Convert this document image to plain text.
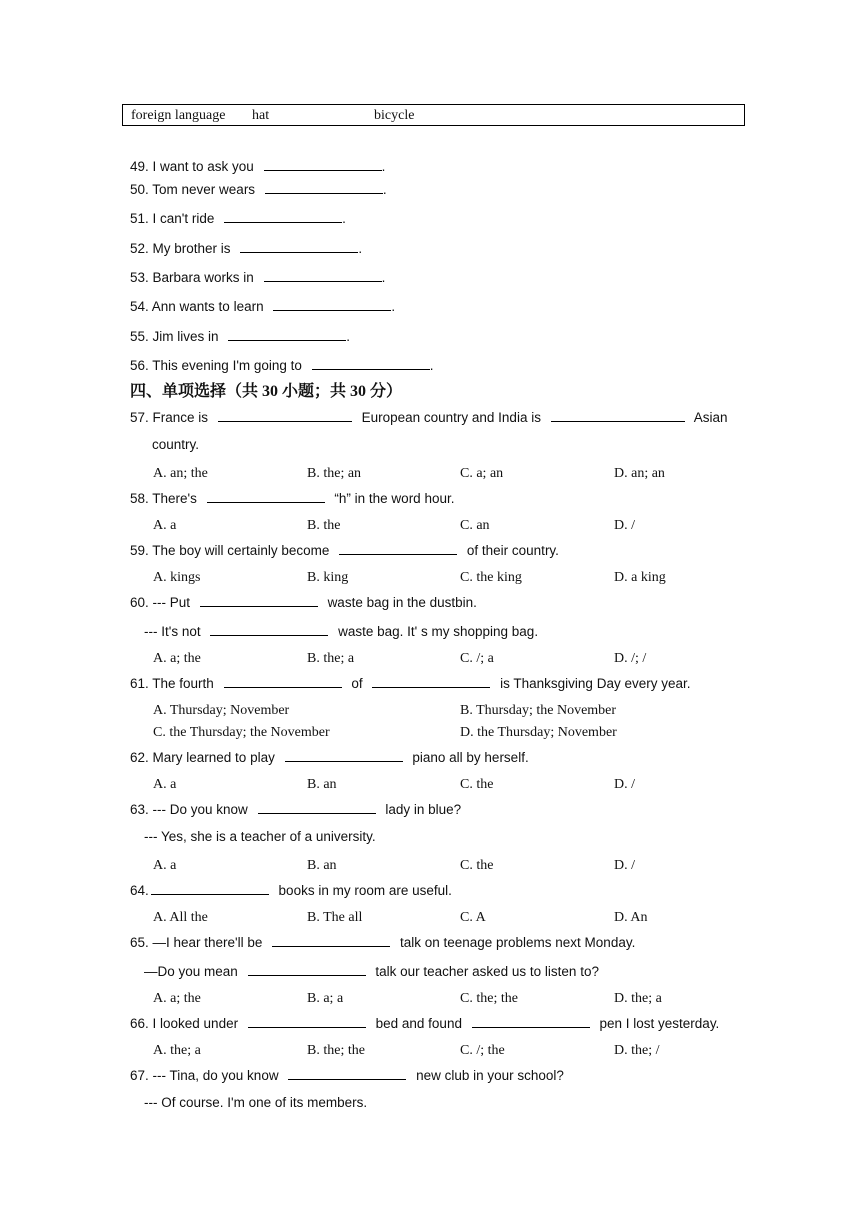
foreign language hat	bicycle
49. I want to ask you	.
50. Tom never wears	.
51. I can't ride	.
52. My brother is	.
53. Barbara works in	.
54. Ann wants to learn	.
55. Jim lives in	.
56. This evening I'm going to	.
四、单项选择（共 30 小题；共 30 分）
57. France is	European country and India is	Asian
country.
A. an; the	B. the; an	C. a; an	D. an; an
58. There's	“h” in the word hour.
A. a	B. the	C. an	D. /
59. The boy will certainly become	of their country.
A. kings	B. king	C. the king	D. a king
60. --- Put	waste bag in the dustbin.
--- It's not	waste bag. It' s my shopping bag.
A. a; the	B. the; a	C. /; a	D. /; /
61. The fourth	of	is Thanksgiving Day every year.
A. Thursday; November	B. Thursday; the November
C. the Thursday; the November	D. the Thursday; November
62. Mary learned to play	piano all by herself.
A. a	B. an	C. the	D. /
63. --- Do you know	lady in blue?
--- Yes, she is a teacher of a university.
A. a	B. an	C. the	D. /
64.	books in my room are useful.
A. All the	B. The all	C. A	D. An
65. —I hear there'll be	talk on teenage problems next Monday.
—Do you mean	talk our teacher asked us to listen to?
A. a; the	B. a; a	C. the; the	D. the; a
66. I looked under	bed and found	pen I lost yesterday.
A. the; a	B. the; the	C. /; the	D. the; /
67. --- Tina, do you know	new club in your school?
--- Of course. I'm one of its members.
